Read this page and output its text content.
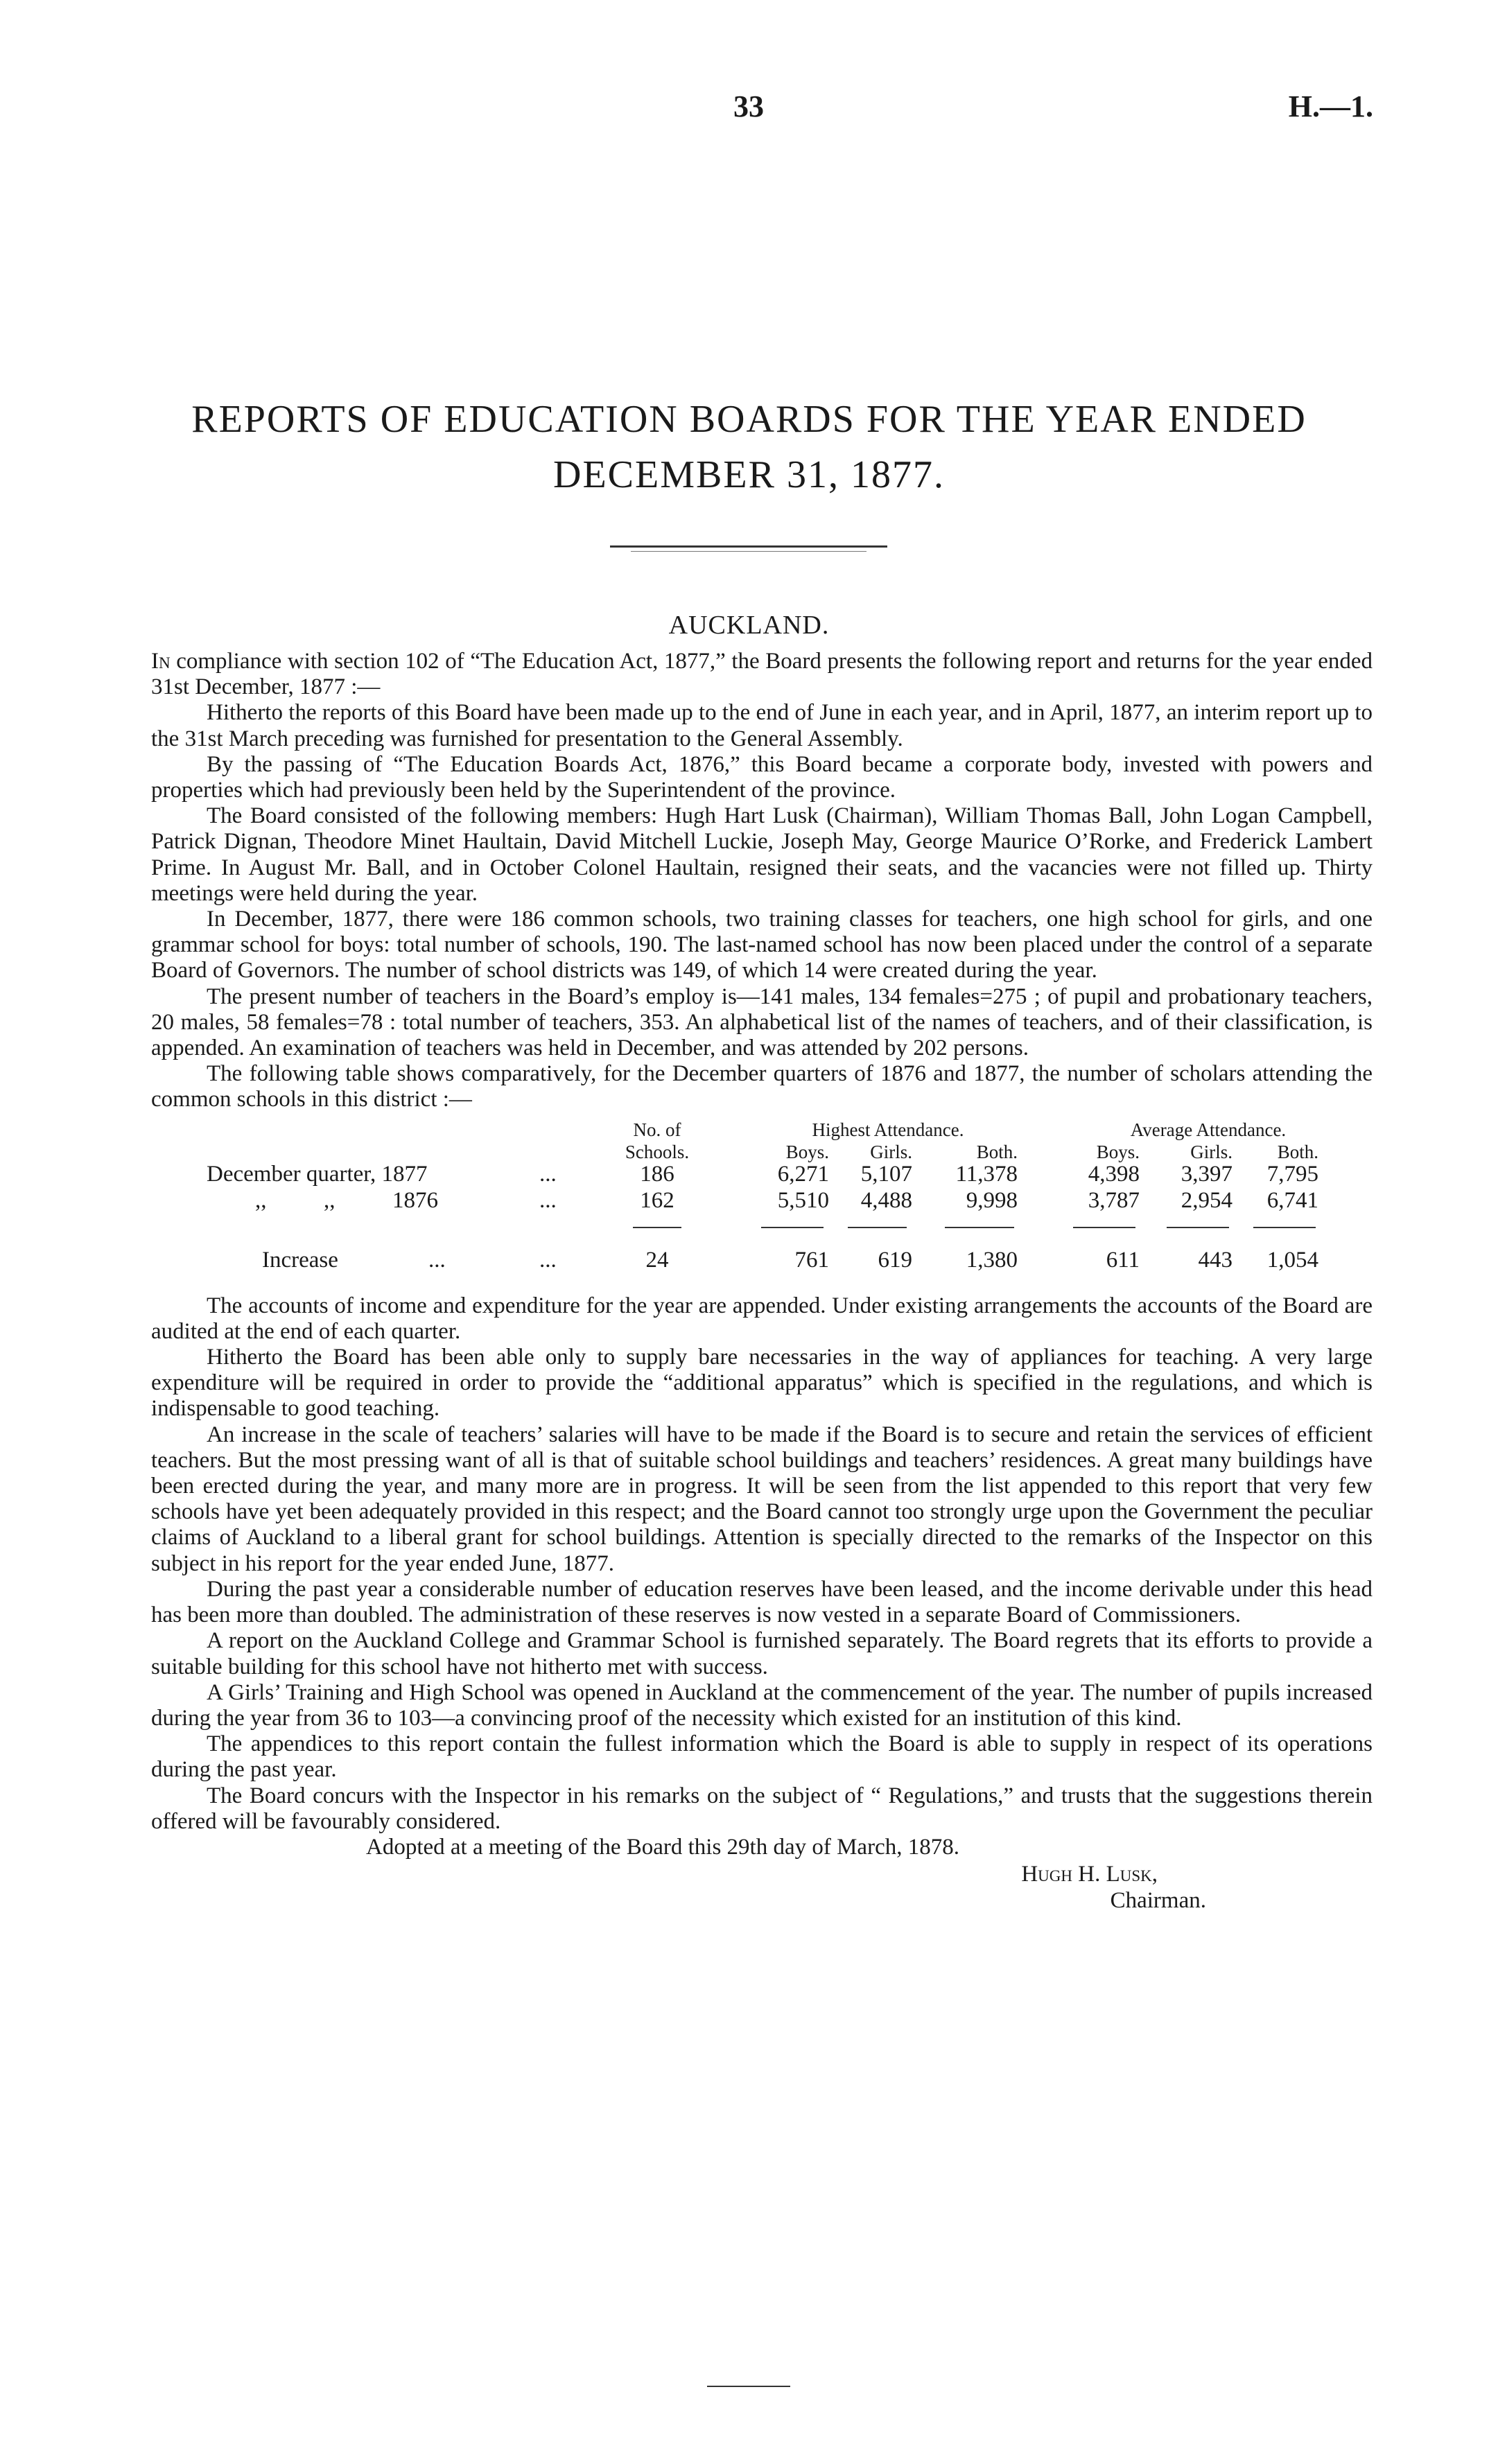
33	H.—1.
REPORTS OF EDUCATION BOARDS FOR THE YEAR ENDED
DECEMBER 31, 1877.
AUCKLAND.

In compliance with section 102 of “The Education Act, 1877,” the Board presents the following report and returns for the year ended 31st December, 1877 :—

Hitherto the reports of this Board have been made up to the end of June in each year, and in April, 1877, an interim report up to the 31st March preceding was furnished for presentation to the General Assembly.

By the passing of “The Education Boards Act, 1876,” this Board became a corporate body, invested with powers and properties which had previously been held by the Superintendent of the province.

The Board consisted of the following members: Hugh Hart Lusk (Chairman), William Thomas Ball, John Logan Campbell, Patrick Dignan, Theodore Minet Haultain, David Mitchell Luckie, Joseph May, George Maurice O’Rorke, and Frederick Lambert Prime. In August Mr. Ball, and in October Colonel Haultain, resigned their seats, and the vacancies were not filled up. Thirty meetings were held during the year.

In December, 1877, there were 186 common schools, two training classes for teachers, one high school for girls, and one grammar school for boys: total number of schools, 190. The last-named school has now been placed under the control of a separate Board of Governors. The number of school districts was 149, of which 14 were created during the year.

The present number of teachers in the Board’s employ is—141 males, 134 females=275 ; of pupil and probationary teachers, 20 males, 58 females=78 : total number of teachers, 353. An alphabetical list of the names of teachers, and of their classification, is appended. An examination of teachers was held in December, and was attended by 202 persons.

The following table shows comparatively, for the December quarters of 1876 and 1877, the number of scholars attending the common schools in this district :—

No. of
Schools.
Highest Attendance.	Average Attendance.
Boys.	Girls.	Both.	Boys.	Girls.	Both.
December quarter, 1877	...	186	6,271	5,107	11,378	4,398	3,397	7,795
,,          ,,          1876	...	162	5,510	4,488	9,998	3,787	2,954	6,741
Increase	...	...	24	761	619	1,380	611	443	1,054

The accounts of income and expenditure for the year are appended. Under existing arrangements the accounts of the Board are audited at the end of each quarter.

Hitherto the Board has been able only to supply bare necessaries in the way of appliances for teaching. A very large expenditure will be required in order to provide the “additional apparatus” which is specified in the regulations, and which is indispensable to good teaching.

An increase in the scale of teachers’ salaries will have to be made if the Board is to secure and retain the services of efficient teachers. But the most pressing want of all is that of suitable school buildings and teachers’ residences. A great many buildings have been erected during the year, and many more are in progress. It will be seen from the list appended to this report that very few schools have yet been adequately provided in this respect; and the Board cannot too strongly urge upon the Government the peculiar claims of Auckland to a liberal grant for school buildings. Attention is specially directed to the remarks of the Inspector on this subject in his report for the year ended June, 1877.

During the past year a considerable number of education reserves have been leased, and the income derivable under this head has been more than doubled. The administration of these reserves is now vested in a separate Board of Commissioners.

A report on the Auckland College and Grammar School is furnished separately. The Board regrets that its efforts to provide a suitable building for this school have not hitherto met with success.

A Girls’ Training and High School was opened in Auckland at the commencement of the year. The number of pupils increased during the year from 36 to 103—a convincing proof of the necessity which existed for an institution of this kind.

The appendices to this report contain the fullest information which the Board is able to supply in respect of its operations during the past year.

The Board concurs with the Inspector in his remarks on the subject of “ Regulations,” and trusts that the suggestions therein offered will be favourably considered.

Adopted at a meeting of the Board this 29th day of March, 1878.

Hugh H. Lusk,
Chairman.
